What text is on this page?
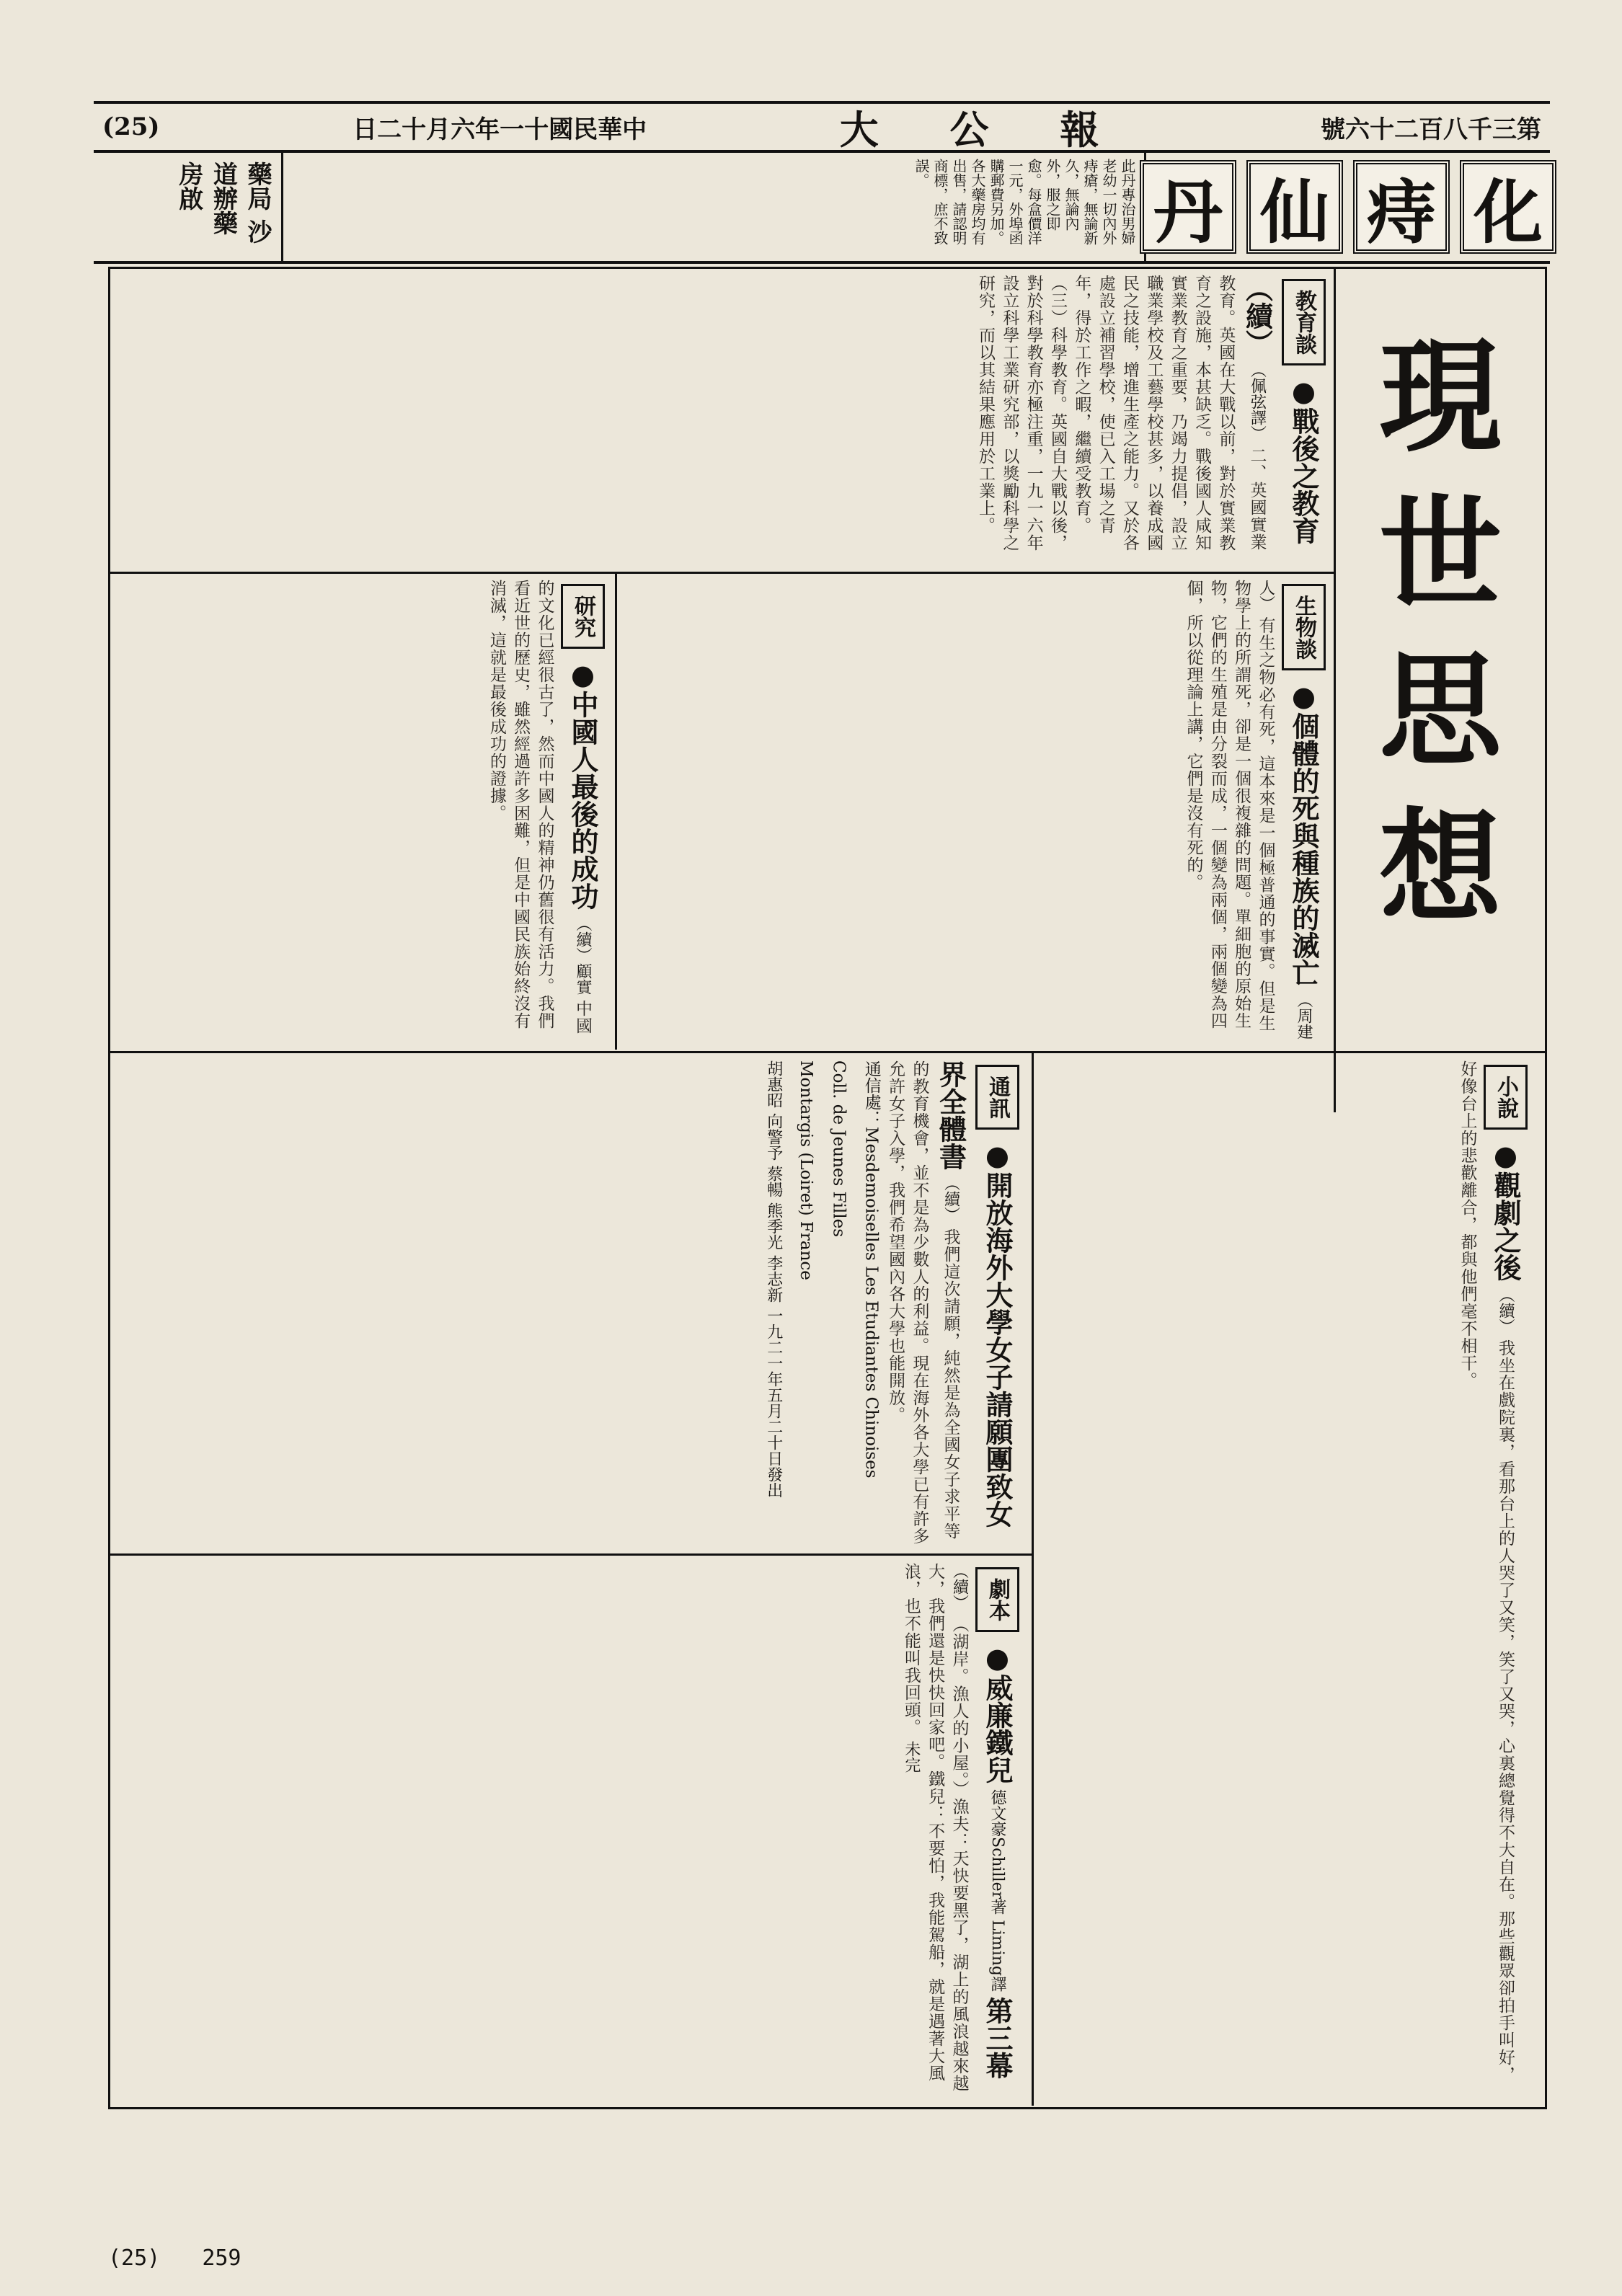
(25)	日二十月六年一十國民華中	大 公 報	號六十二百八千三第
藥局 沙道辦藥房啟	此丹專治男婦老幼一切內外痔瘡，無論新久，無論內外，服之即愈。每盒價洋一元，外埠函購郵費另加。各大藥房均有出售，請認明商標，庶不致誤。	丹 仙 痔 化
現
世
思
想
教育談 ●戰後之教育（續） （佩弦譯） 二、英國實業教育。英國在大戰以前，對於實業教育之設施，本甚缺乏。戰後國人咸知實業教育之重要，乃竭力提倡，設立職業學校及工藝學校甚多，以養成國民之技能，增進生產之能力。又於各處設立補習學校，使已入工場之青年，得於工作之暇，繼續受教育。（三）科學教育。英國自大戰以後，對於科學教育亦極注重，一九一六年設立科學工業研究部，以獎勵科學之研究，而以其結果應用於工業上。
生物談 ●個體的死與種族的滅亡 （周建人） 有生之物必有死，這本來是一個極普通的事實。但是生物學上的所謂死，卻是一個很複雜的問題。單細胞的原始生物，它們的生殖是由分裂而成，一個變為兩個，兩個變為四個，所以從理論上講，它們是沒有死的。
研究 ●中國人最後的成功 （續）顧實 中國的文化已經很古了，然而中國人的精神仍舊很有活力。我們看近世的歷史，雖然經過許多困難，但是中國民族始終沒有消滅，這就是最後成功的證據。
小說 ●觀劇之後 （續） 我坐在戲院裏，看那台上的人哭了又笑，笑了又哭，心裏總覺得不大自在。那些觀眾卻拍手叫好，好像台上的悲歡離合，都與他們毫不相干。
通訊 ●開放海外大學女子請願團致女界全體書 （續） 我們這次請願，純然是為全國女子求平等的教育機會，並不是為少數人的利益。現在海外各大學已有許多允許女子入學，我們希望國內各大學也能開放。
通信處：Mesdemoiselles Les Etudiantes Chinoises
Coll. de Jeunes Filles
Montargis (Loiret) France
胡惠昭 向警予 蔡暢 熊季光 李志新 一九二一年五月二十日發出
劇本 ●威廉鐵兒 德文豪Schiller著 Liming譯 第三幕 （續） （湖岸。漁人的小屋。）漁夫：天快要黑了，湖上的風浪越來越大，我們還是快快回家吧。鐵兒：不要怕，我能駕船，就是遇著大風浪，也不能叫我回頭。 未完
(25) 259
